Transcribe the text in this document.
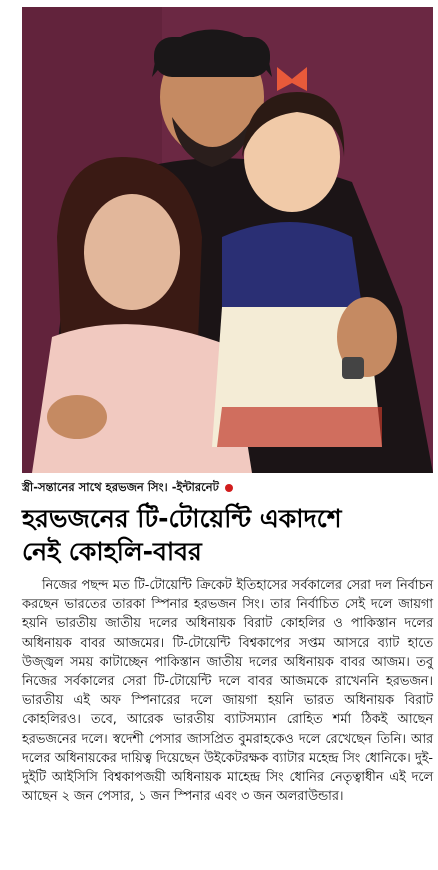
স্ত্রী-সন্তানের সাথে হরভজন সিং। -ইন্টারনেট
হরভজনের টি-টোয়েন্টি একাদশে
নেই কোহলি-বাবর
নিজের পছন্দ মত টি-টোয়েন্টি ক্রিকেট ইতিহাসের সর্বকালের সেরা দল নির্বাচন করছেন ভারতের তারকা স্পিনার হরভজন সিং। তার নির্বাচিত সেই দলে জায়গা হয়নি ভারতীয় জাতীয় দলের অধিনায়ক বিরাট কোহলির ও পাকিস্তান দলের অধিনায়ক বাবর আজমের। টি-টোয়েন্টি বিশ্বকাপের সপ্তম আসরে ব্যাট হাতে উজ্জ্বল সময় কাটাচ্ছেন পাকিস্তান জাতীয় দলের অধিনায়ক বাবর আজম। তবু নিজের সর্বকালের সেরা টি-টোয়েন্টি দলে বাবর আজমকে রাখেননি হরভজন। ভারতীয় এই অফ স্পিনারের দলে জায়গা হয়নি ভারত অধিনায়ক বিরাট কোহলিরও। তবে, আরেক ভারতীয় ব্যাটসম্যান রোহিত শর্মা ঠিকই আছেন হরভজনের দলে। স্বদেশী পেসার জাসপ্রিত বুমরাহকেও দলে রেখেছেন তিনি। আর দলের অধিনায়কের দায়িত্ব দিয়েছেন উইকেটরক্ষক ব্যাটার মহেন্দ্র সিং ধোনিকে। দুই-দুইটি আইসিসি বিশ্বকাপজয়ী অধিনায়ক মাহেন্দ্র সিং ধোনির নেতৃত্বাধীন এই দলে আছেন ২ জন পেসার, ১ জন স্পিনার এবং ৩ জন অলরাউন্ডার।
